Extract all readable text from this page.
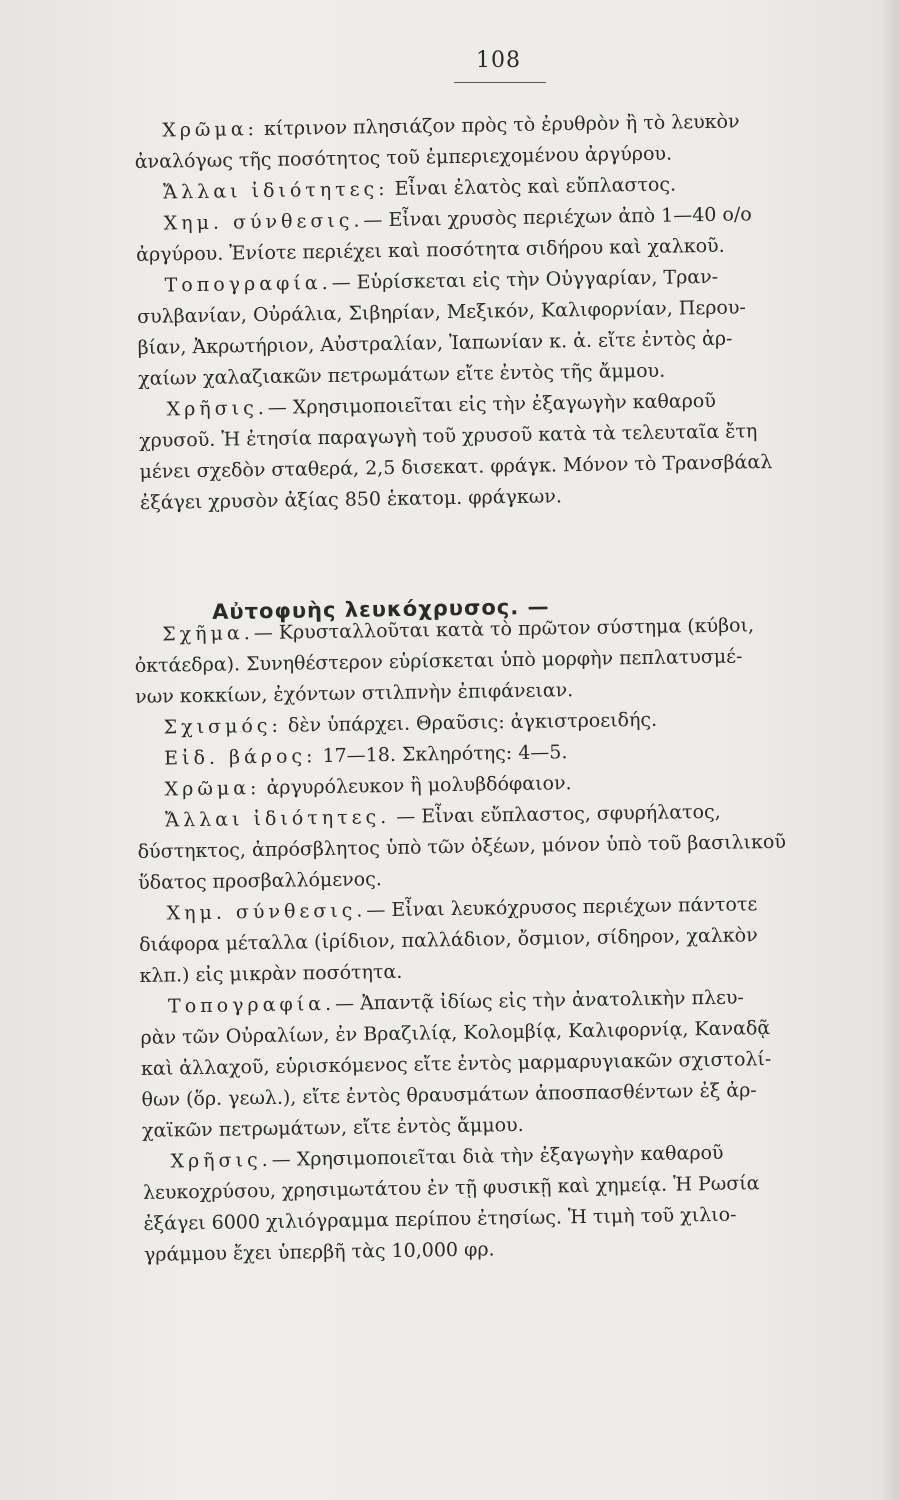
108
Χρῶμα: κίτρινον πλησιάζον πρὸς τὸ ἐρυθρὸν ἢ τὸ λευκὸν
ἀναλόγως τῆς ποσότητος τοῦ ἐμπεριεχομένου ἀργύρου.
Ἄλλαι ἰδιότητες: Εἶναι ἐλατὸς καὶ εὔπλαστος.
Χημ. σύνθεσις.— Εἶναι χρυσὸς περιέχων ἀπὸ 1—40 ο/ο
ἀργύρου. Ἐνίοτε περιέχει καὶ ποσότητα σιδήρου καὶ χαλκοῦ.
Τοπογραφία.— Εὑρίσκεται εἰς τὴν Οὐγγαρίαν, Τραν-
συλβανίαν, Οὐράλια, Σιβηρίαν, Μεξικόν, Καλιφορνίαν, Περου-
βίαν, Ἀκρωτήριον, Αὐστραλίαν, Ἰαπωνίαν κ. ἀ. εἴτε ἐντὸς ἀρ-
χαίων χαλαζιακῶν πετρωμάτων εἴτε ἐντὸς τῆς ἄμμου.
Χρῆσις.— Χρησιμοποιεῖται εἰς τὴν ἐξαγωγὴν καθαροῦ
χρυσοῦ. Ἡ ἐτησία παραγωγὴ τοῦ χρυσοῦ κατὰ τὰ τελευταῖα ἔτη
μένει σχεδὸν σταθερά, 2,5 δισεκατ. φράγκ. Μόνον τὸ Τρανσβάαλ
ἐξάγει χρυσὸν ἀξίας 850 ἑκατομ. φράγκων.
Αὐτοφυὴς λευκόχρυσος. —
Σχῆμα.— Κρυσταλλοῦται κατὰ τὸ πρῶτον σύστημα (κύβοι,
ὀκτάεδρα). Συνηθέστερον εὑρίσκεται ὑπὸ μορφὴν πεπλατυσμέ-
νων κοκκίων, ἐχόντων στιλπνὴν ἐπιφάνειαν.
Σχισμός: δὲν ὑπάρχει. Θραῦσις: ἀγκιστροειδής.
Εἰδ. βάρος: 17—18. Σκληρότης: 4—5.
Χρῶμα: ἀργυρόλευκον ἢ μολυβδόφαιον.
Ἄλλαι ἰδιότητες. — Εἶναι εὔπλαστος, σφυρήλατος,
δύστηκτος, ἀπρόσβλητος ὑπὸ τῶν ὀξέων, μόνον ὑπὸ τοῦ βασιλικοῦ
ὕδατος προσβαλλόμενος.
Χημ. σύνθεσις.— Εἶναι λευκόχρυσος περιέχων πάντοτε
διάφορα μέταλλα (ἰρίδιον, παλλάδιον, ὄσμιον, σίδηρον, χαλκὸν
κλπ.) εἰς μικρὰν ποσότητα.
Τοπογραφία.— Ἀπαντᾷ ἰδίως εἰς τὴν ἀνατολικὴν πλευ-
ρὰν τῶν Οὐραλίων, ἐν Βραζιλίᾳ, Κολομβίᾳ, Καλιφορνίᾳ, Καναδᾷ
καὶ ἀλλαχοῦ, εὑρισκόμενος εἴτε ἐντὸς μαρμαρυγιακῶν σχιστολί-
θων (ὅρ. γεωλ.), εἴτε ἐντὸς θραυσμάτων ἀποσπασθέντων ἐξ ἀρ-
χαϊκῶν πετρωμάτων, εἴτε ἐντὸς ἄμμου.
Χρῆσις.— Χρησιμοποιεῖται διὰ τὴν ἐξαγωγὴν καθαροῦ
λευκοχρύσου, χρησιμωτάτου ἐν τῇ φυσικῇ καὶ χημείᾳ. Ἡ Ρωσία
ἐξάγει 6000 χιλιόγραμμα περίπου ἐτησίως. Ἡ τιμὴ τοῦ χιλιο-
γράμμου ἔχει ὑπερβῆ τὰς 10,000 φρ.
